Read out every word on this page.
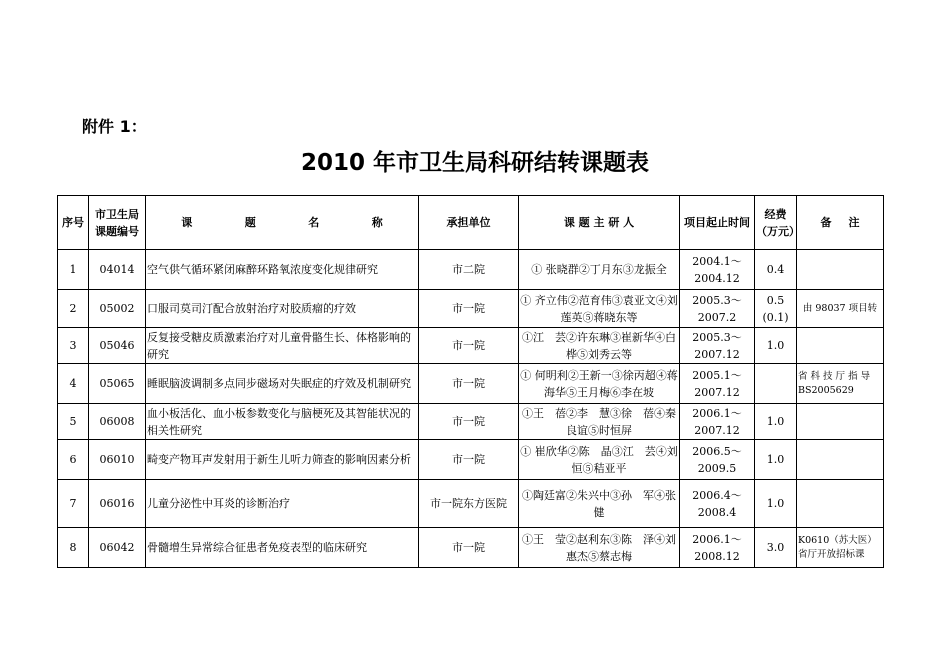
附件 1：
2010 年市卫生局科研结转课题表
序号	市卫生局课题编号	课 题 名 称	承担单位	课 题 主 研 人	项目起止时间	经费（万元）	备 注

1	04014	空气供气循环紧闭麻醉环路氧浓度变化规律研究	市二院	① 张晓群②丁月东③龙振全	2004.1～ 2004.12	0.4	
2	05002	口服司莫司汀配合放射治疗对胶质瘤的疗效	市一院	① 齐立伟②范育伟③袁亚文④刘莲英⑤蒋晓东等	2005.3～ 2007.2	0.5 (0.1)	由 98037 项目转
3	05046	反复接受糖皮质激素治疗对儿童骨骼生长、体格影响的研究	市一院	①江　芸②许东琳③崔新华④白　桦⑤刘秀云等	2005.3～ 2007.12	1.0	
4	05065	睡眠脑波调制多点同步磁场对失眠症的疗效及机制研究	市一院	① 何明利②王新一③徐丙超④蒋海华⑤王月梅⑥李在坡	2005.1～ 2007.12		省 科 技 厅 指 导 BS2005629
5	06008	血小板活化、血小板参数变化与脑梗死及其智能状况的相关性研究	市一院	①王　蓓②李　慧③徐　蓓④秦良谊⑤时恒屏	2006.1～ 2007.12	1.0	
6	06010	畸变产物耳声发射用于新生儿听力筛查的影响因素分析	市一院	① 崔欣华②陈　晶③江　芸④刘　恒⑤秸亚平	2006.5～2009.5	1.0	
7	06016	儿童分泌性中耳炎的诊断治疗	市一院东方医院	①陶廷富②朱兴中③孙　军④张　健	2006.4～2008.4	1.0	
8	06042	骨髓增生异常综合征患者免疫表型的临床研究	市一院	①王　莹②赵利东③陈　泽④刘惠杰⑤蔡志梅	2006.1～ 2008.12	3.0	K0610（苏大医）省厅开放招标课
